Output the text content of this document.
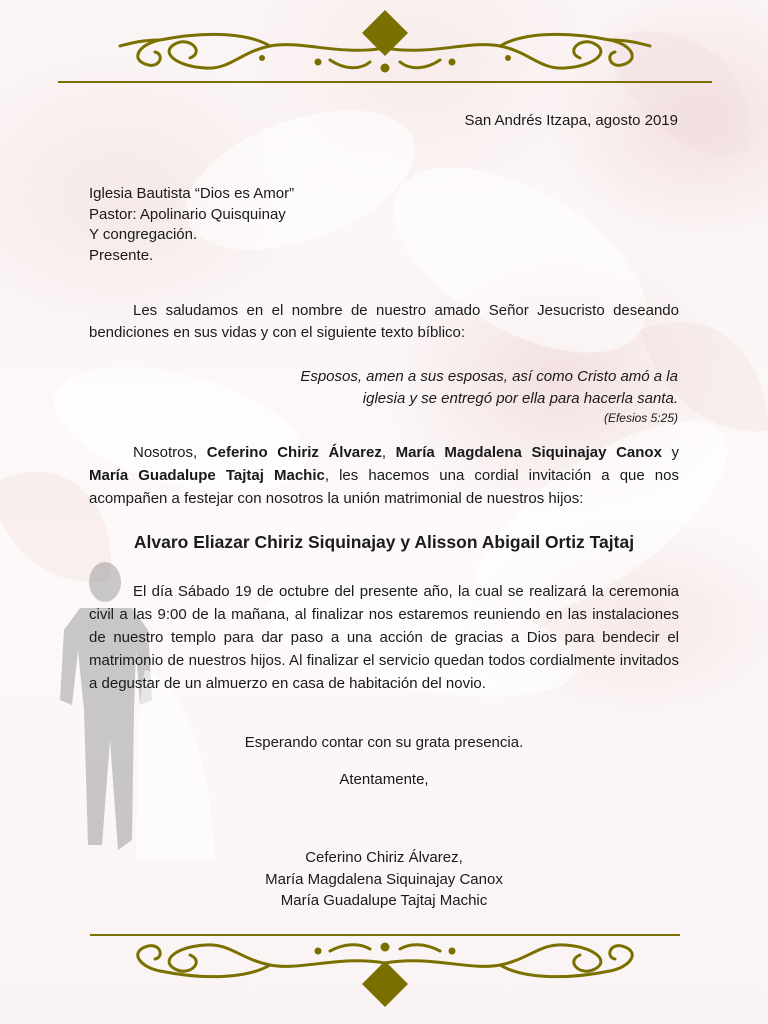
San Andrés Itzapa, agosto 2019
Iglesia Bautista “Dios es Amor”
Pastor: Apolinario Quisquinay
Y congregación.
Presente.
Les saludamos en el nombre de nuestro amado Señor Jesucristo deseando bendiciones en sus vidas y con el siguiente texto bíblico:
Esposos, amen a sus esposas, así como Cristo amó a la
iglesia y se entregó por ella para hacerla santa.
(Efesios 5:25)
Nosotros, Ceferino Chiriz Álvarez, María Magdalena Siquinajay Canox y María Guadalupe Tajtaj Machic, les hacemos una cordial invitación a que nos acompañen a festejar con nosotros la unión matrimonial de nuestros hijos:
Alvaro Eliazar Chiriz Siquinajay y Alisson Abigail Ortiz Tajtaj
El día Sábado 19 de octubre del presente año, la cual se realizará la ceremonia civil a las 9:00 de la mañana, al finalizar nos estaremos reuniendo en las instalaciones de nuestro templo para dar paso a una acción de gracias a Dios para bendecir el matrimonio de nuestros hijos. Al finalizar el servicio quedan todos cordialmente invitados a degustar de un almuerzo en casa de habitación del novio.
Esperando contar con su grata presencia.
Atentamente,
Ceferino Chiriz Álvarez,
María Magdalena Siquinajay Canox
María Guadalupe Tajtaj Machic
